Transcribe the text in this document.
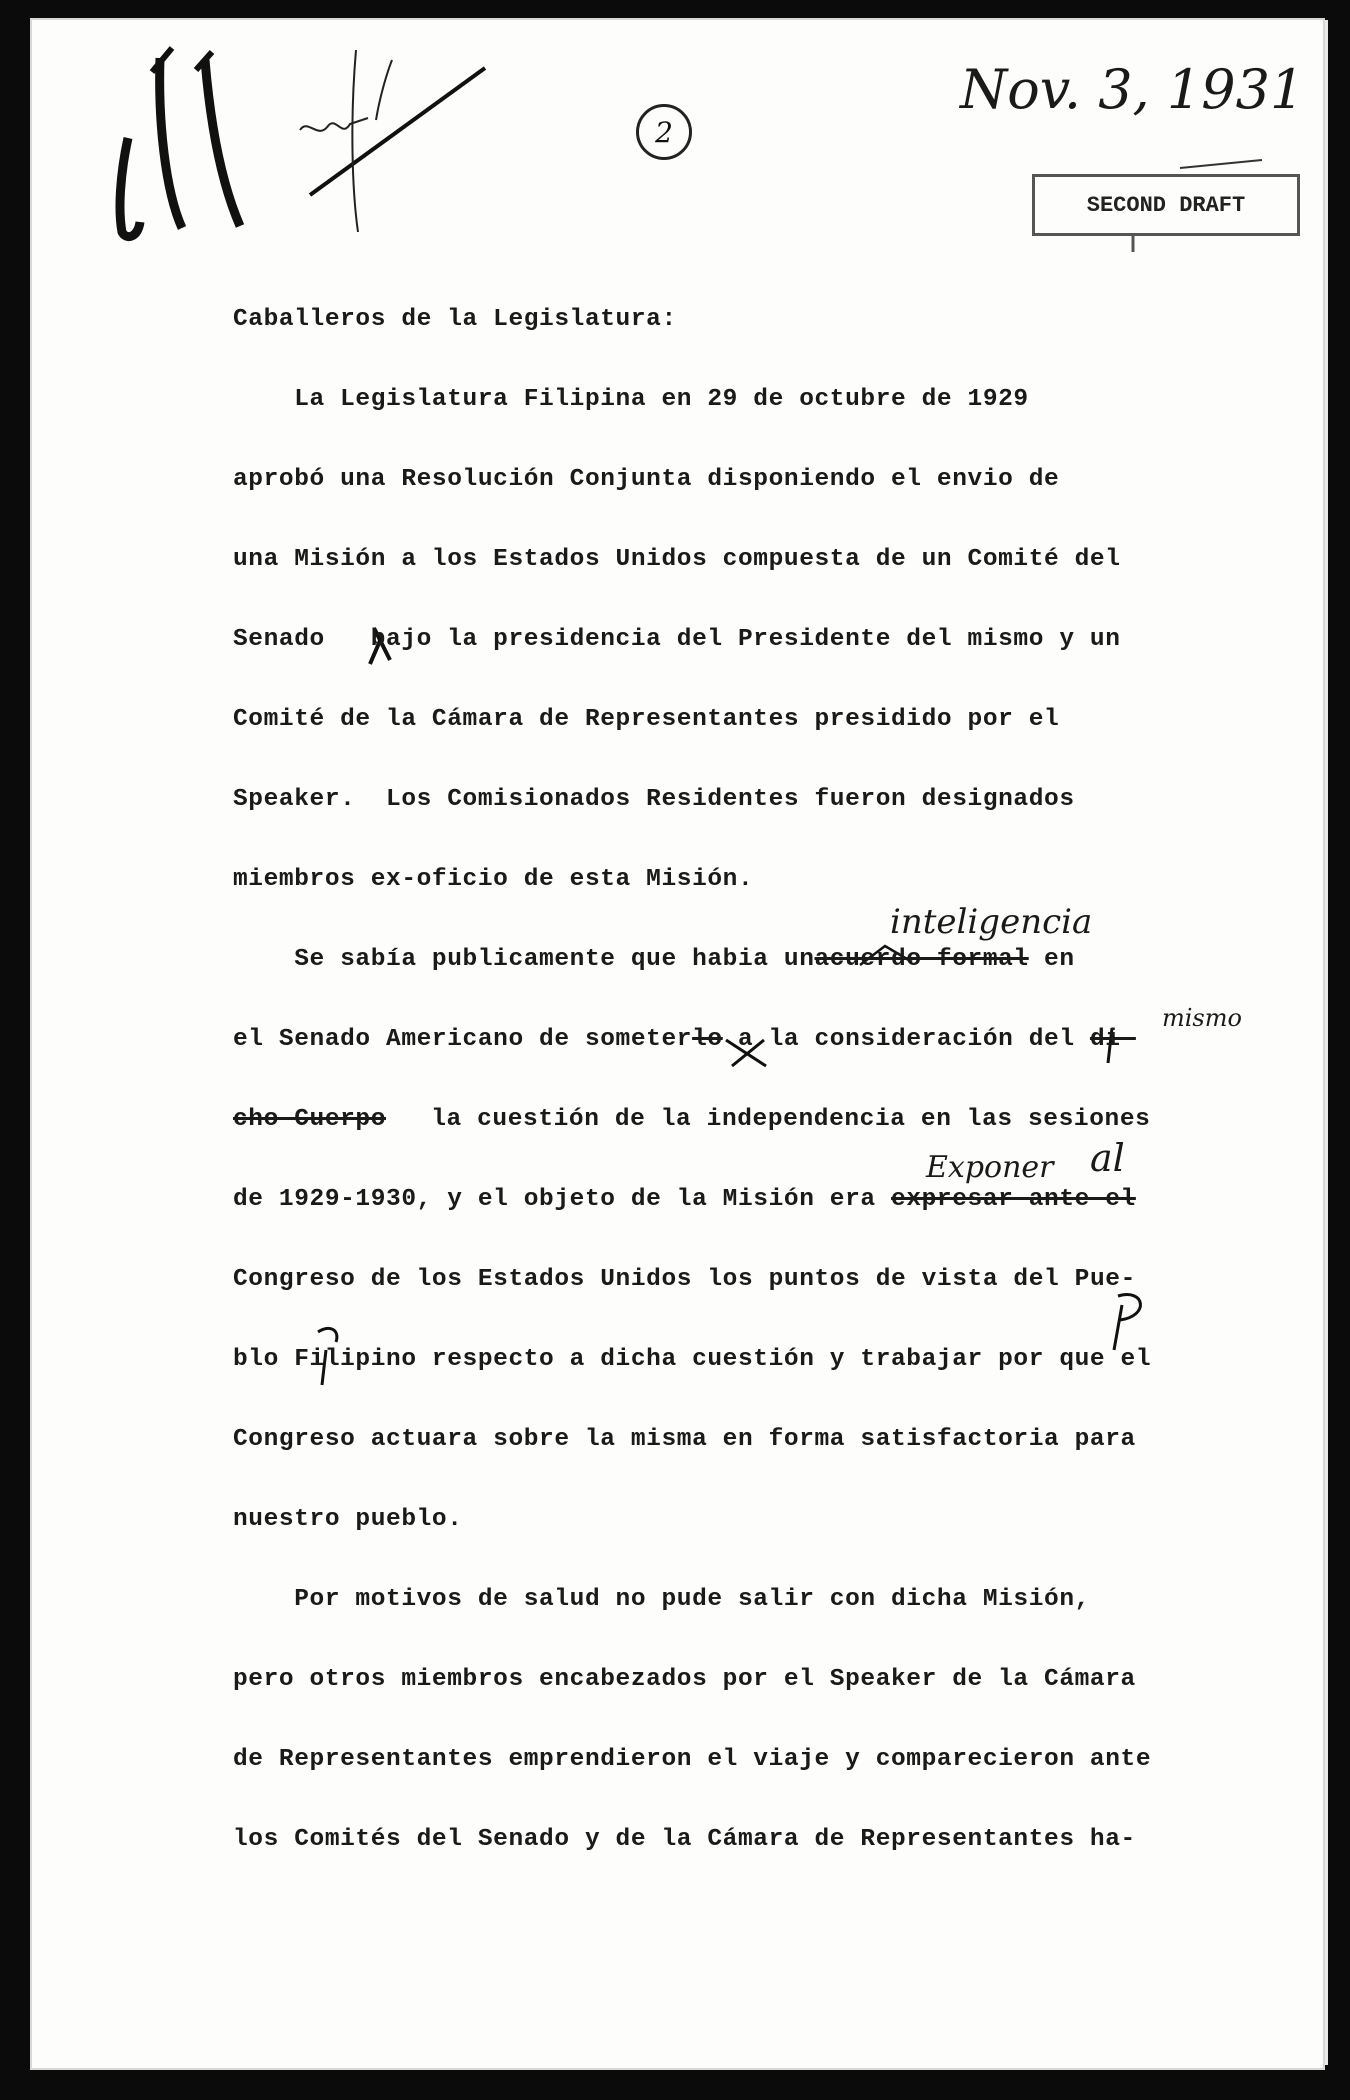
2
Nov. 3, 1931
SECOND DRAFT
Caballeros de la Legislatura:
La Legislatura Filipina en 29 de octubre de 1929
aprobó una Resolución Conjunta disponiendo el envio de
una Misión a los Estados Unidos compuesta de un Comité del
Senado   bajo la presidencia del Presidente del mismo y un
Comité de la Cámara de Representantes presidido por el
Speaker.  Los Comisionados Residentes fueron designados
miembros ex-oficio de esta Misión.
Se sabía publicamente que habia unacuerdo formal en
inteligencia
el Senado Americano de someterlo a la consideración del di-
mismo
cho Cuerpo
la cuestión de la independencia en las sesiones
de 1929-1930, y el objeto de la Misión era expresar ante el
Exponer al
Congreso de los Estados Unidos los puntos de vista del Pue-
blo Filipino respecto a dicha cuestión y trabajar por que el
Congreso actuara sobre la misma en forma satisfactoria para
nuestro pueblo.
Por motivos de salud no pude salir con dicha Misión,
pero otros miembros encabezados por el Speaker de la Cámara
de Representantes emprendieron el viaje y comparecieron ante
los Comités del Senado y de la Cámara de Representantes ha-
